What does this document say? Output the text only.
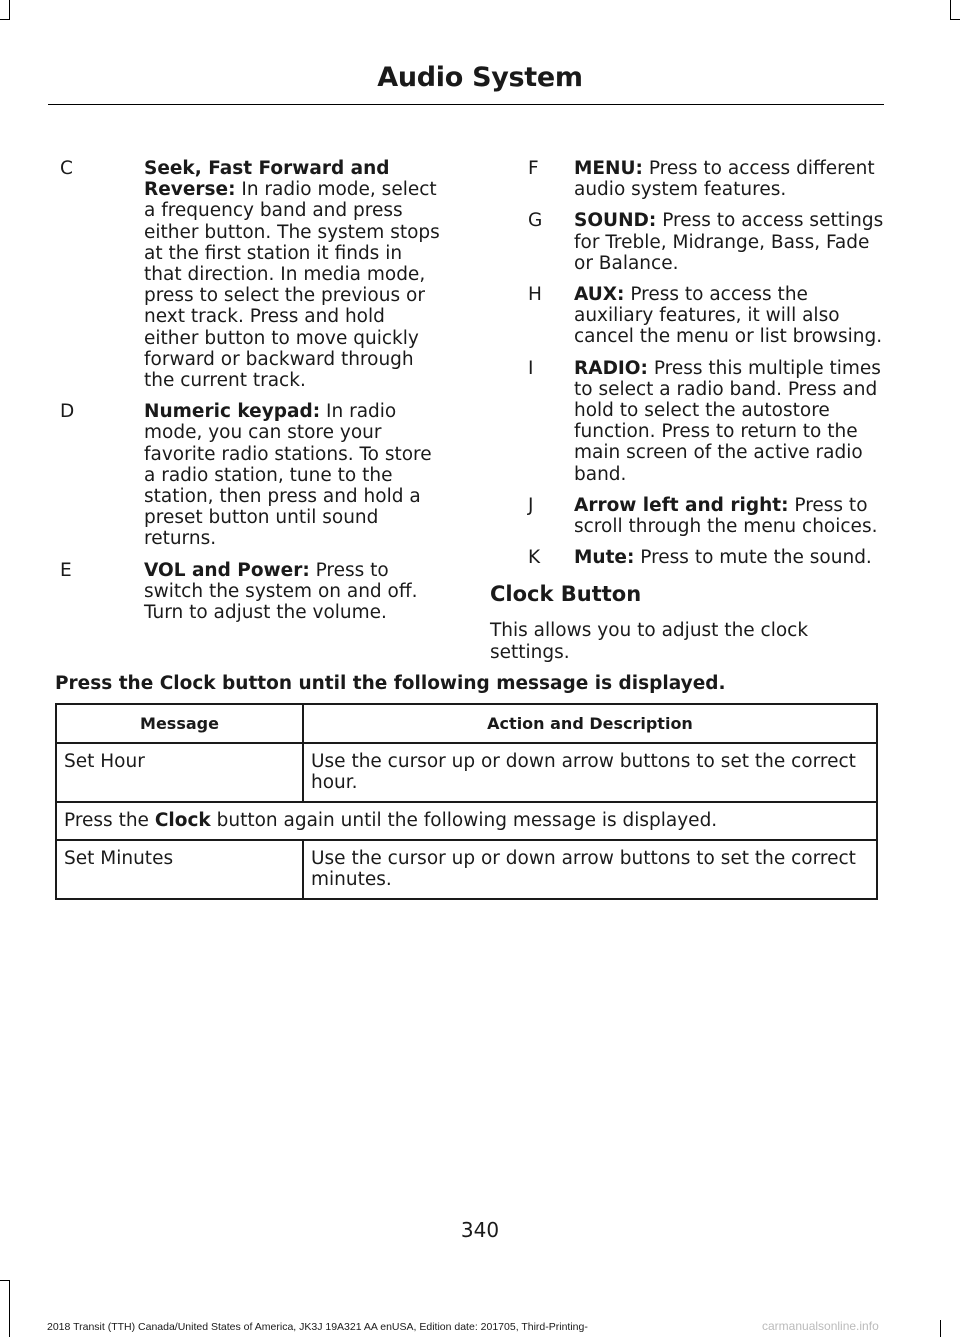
Audio System
C	Seek, Fast Forward and Reverse: In radio mode, select a frequency band and press either button. The system stops at the first station it finds in that direction. In media mode, press to select the previous or next track. Press and hold either button to move quickly forward or backward through the current track.
D	Numeric keypad: In radio mode, you can store your favorite radio stations. To store a radio station, tune to the station, then press and hold a preset button until sound returns.
E	VOL and Power: Press to switch the system on and off. Turn to adjust the volume.
F	MENU: Press to access different audio system features.
G	SOUND: Press to access settings for Treble, Midrange, Bass, Fade or Balance.
H	AUX: Press to access the auxiliary features, it will also cancel the menu or list browsing.
I	RADIO: Press this multiple times to select a radio band. Press and hold to select the autostore function. Press to return to the main screen of the active radio band.
J	Arrow left and right: Press to scroll through the menu choices.
K	Mute: Press to mute the sound.
Clock Button
This allows you to adjust the clock settings.
Press the Clock button until the following message is displayed.
Message	Action and Description
Set Hour	Use the cursor up or down arrow buttons to set the correct hour.
Press the Clock button again until the following message is displayed.	
Set Minutes	Use the cursor up or down arrow buttons to set the correct minutes.
340
2018 Transit (TTH) Canada/United States of America, JK3J 19A321 AA enUSA, Edition date: 201705, Third-Printing-	carmanualsonline.info
